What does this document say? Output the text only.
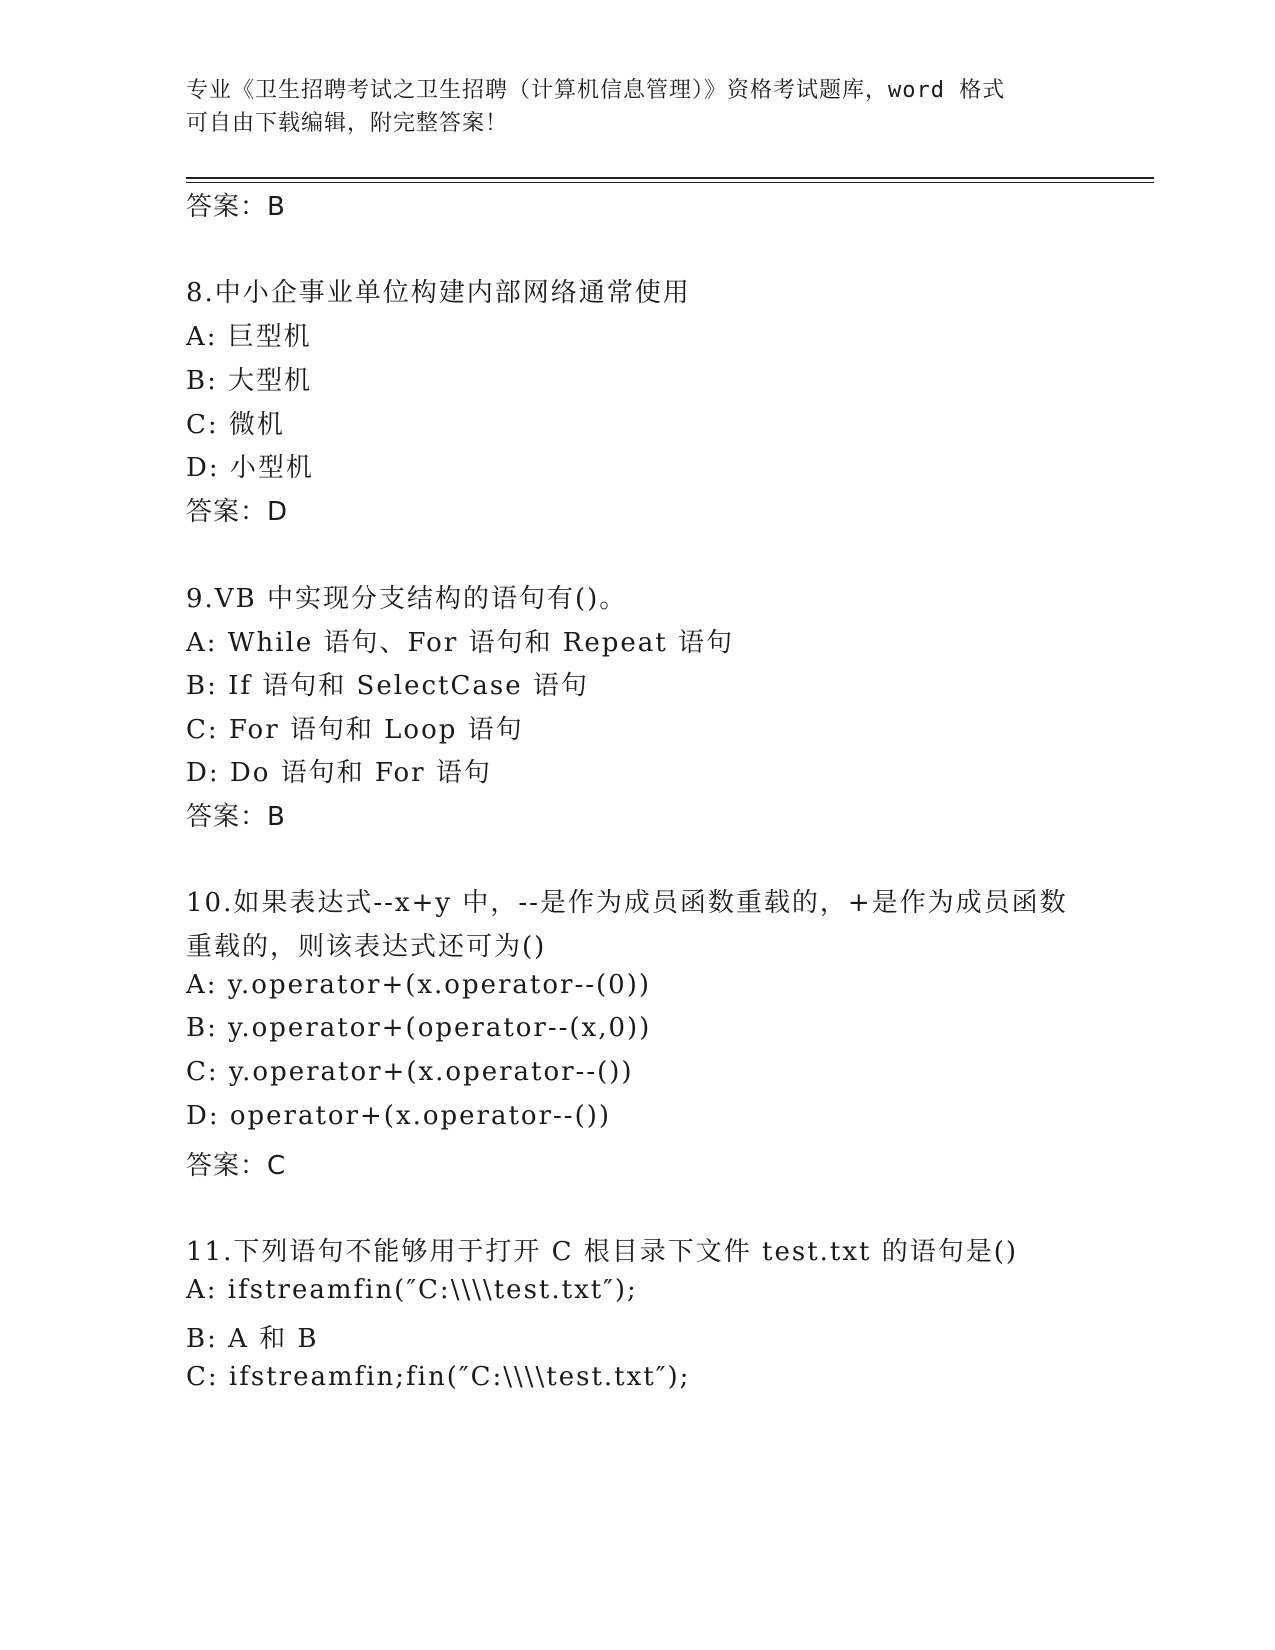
专业《卫生招聘考试之卫生招聘（计算机信息管理）》资格考试题库，word 格式
可自由下载编辑，附完整答案！
答案：B
8.中小企事业单位构建内部网络通常使用
A: 巨型机
B: 大型机
C: 微机
D: 小型机
答案：D
9.VB 中实现分支结构的语句有()。
A: While 语句、For 语句和 Repeat 语句
B: If 语句和 SelectCase 语句
C: For 语句和 Loop 语句
D: Do 语句和 For 语句
答案：B
10.如果表达式--x+y 中，--是作为成员函数重载的，+是作为成员函数
重载的，则该表达式还可为()
A: y.operator+(x.operator--(0))
B: y.operator+(operator--(x,0))
C: y.operator+(x.operator--())
D: operator+(x.operator--())
答案：C
11.下列语句不能够用于打开 C 根目录下文件 test.txt 的语句是()
A: ifstreamfin(″C:\\\\test.txt″);
B: A 和 B
C: ifstreamfin;fin(″C:\\\\test.txt″);
